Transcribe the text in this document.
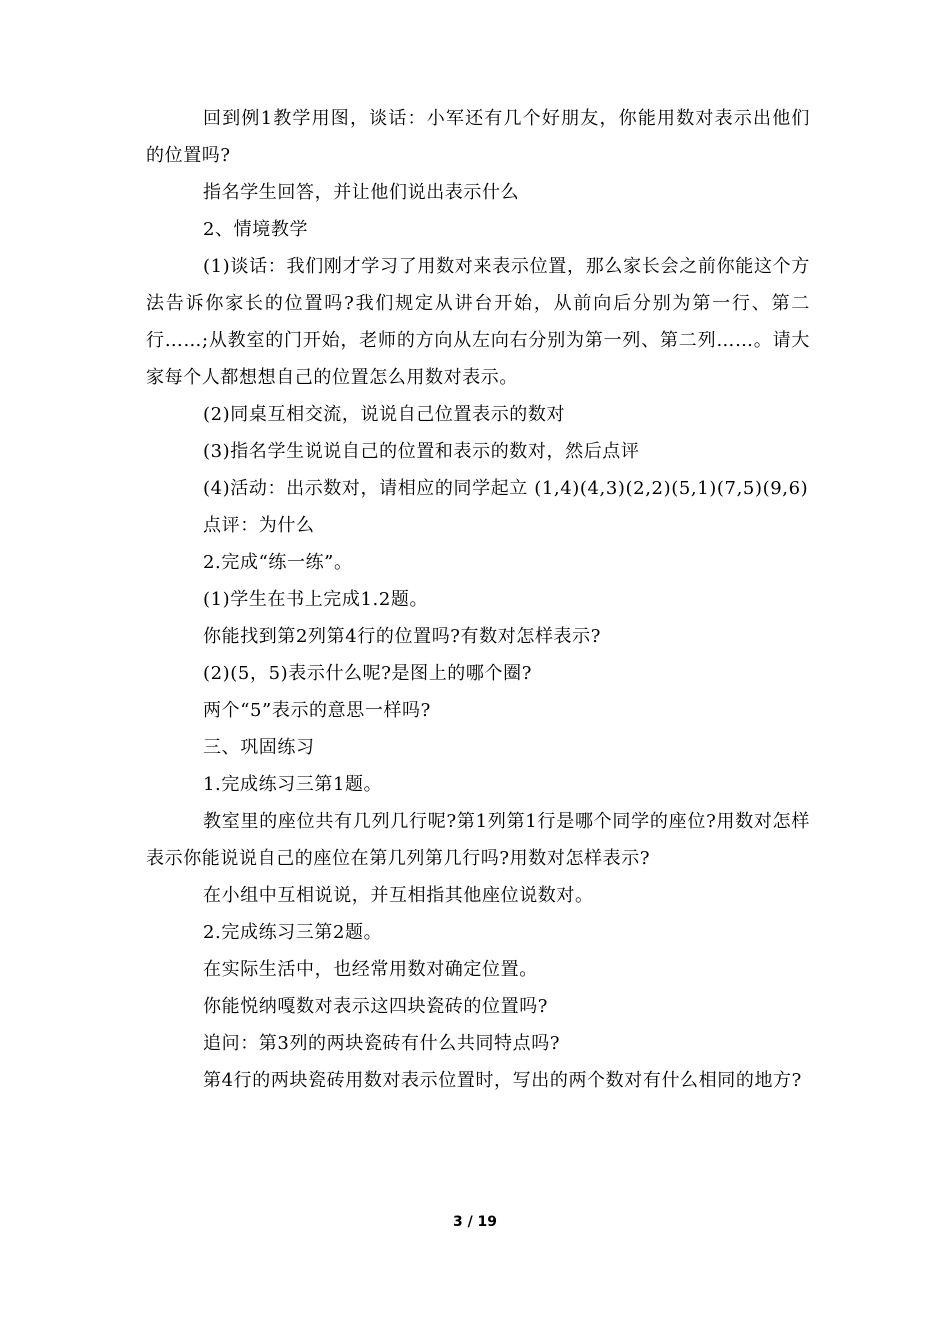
回到例1教学用图，谈话：小军还有几个好朋友，你能用数对表示出他们的位置吗?

指名学生回答，并让他们说出表示什么

2、情境教学

(1)谈话：我们刚才学习了用数对来表示位置，那么家长会之前你能这个方法告诉你家长的位置吗?我们规定从讲台开始，从前向后分别为第一行、第二行……;从教室的门开始，老师的方向从左向右分别为第一列、第二列……。请大家每个人都想想自己的位置怎么用数对表示。

(2)同桌互相交流，说说自己位置表示的数对

(3)指名学生说说自己的位置和表示的数对，然后点评

(4)活动：出示数对，请相应的同学起立 (1,4)(4,3)(2,2)(5,1)(7,5)(9,6)

点评：为什么

2.完成“练一练”。

(1)学生在书上完成1.2题。

你能找到第2列第4行的位置吗?有数对怎样表示?

(2)(5，5)表示什么呢?是图上的哪个圈?

两个“5”表示的意思一样吗?

三、巩固练习

1.完成练习三第1题。

教室里的座位共有几列几行呢?第1列第1行是哪个同学的座位?用数对怎样表示你能说说自己的座位在第几列第几行吗?用数对怎样表示?

在小组中互相说说，并互相指其他座位说数对。

2.完成练习三第2题。

在实际生活中，也经常用数对确定位置。

你能悦纳嘎数对表示这四块瓷砖的位置吗?

追问：第3列的两块瓷砖有什么共同特点吗?

第4行的两块瓷砖用数对表示位置时，写出的两个数对有什么相同的地方?

3 / 19
